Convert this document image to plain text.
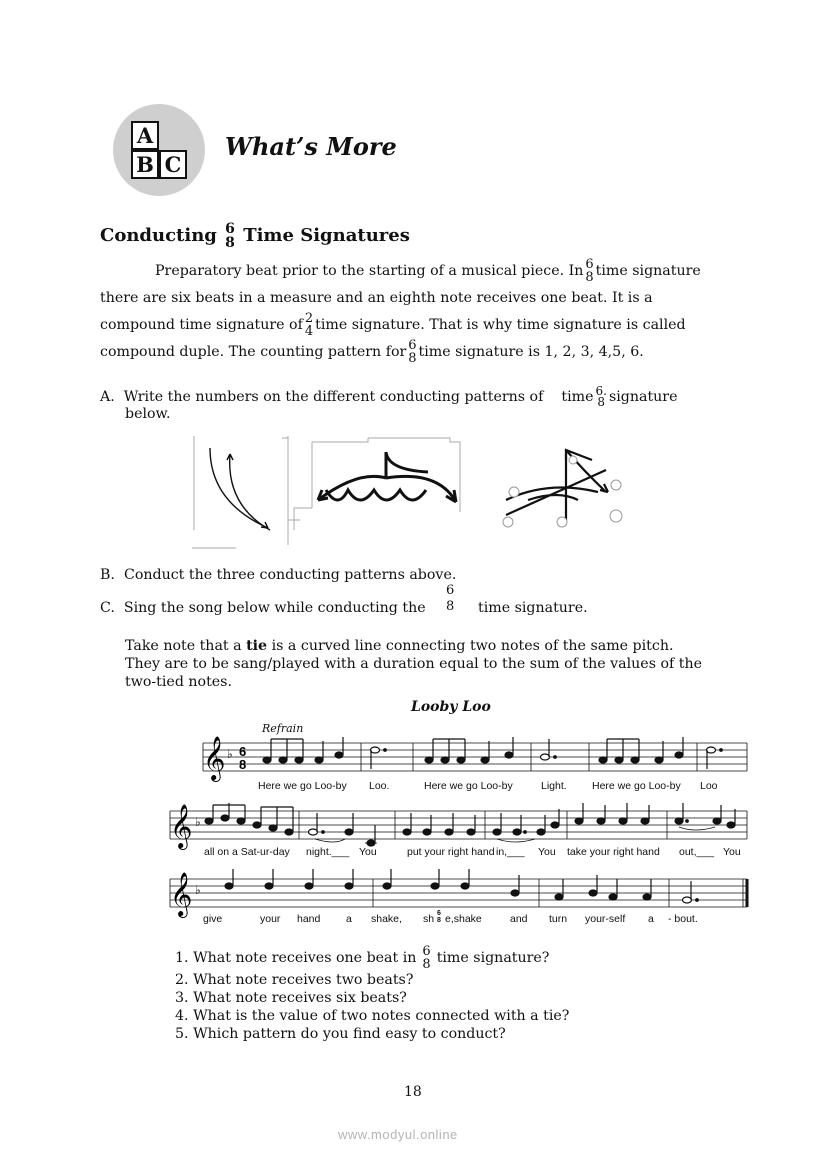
A
B C
What’s More
Conducting 6
8 Time Signatures
Preparatory beat prior to the starting of a musical piece. In 6
8 time signature
there are six beats in a measure and an eighth note receives one beat. It is a
compound time signature of 2
4 time signature. That is why time signature is called
compound duple. The counting pattern for 6
8 time signature is 1, 2, 3, 4,5, 6.
A. Write the numbers on the different conducting patterns of time 6.
8 signature
below.
B. Conduct the three conducting patterns above.
C. Sing the song below while conducting the
6
8 time signature.
Take note that a tie is a curved line connecting two notes of the same pitch.
They are to be sang/played with a duration equal to the sum of the values of the
two-tied notes.
Looby Loo
Refrain
𝄞 ♭ 6
8
𝄞 ♭
𝄞 ♭
Here we go Loo-by Loo.	Here we go Loo-by	Light. Here we go Loo-by Loo
all on a Sat-ur-day night.___ You	put your right hand in,___ You take your right hand out,___ You
give	your hand a shake, sh 6
8 e,shake	and turn your-self a - bout.
1. What note receives one beat in 6
8 time signature?
2. What note receives two beats?
3. What note receives six beats?
4. What is the value of two notes connected with a tie?
5. Which pattern do you find easy to conduct?
18
www.modyul.online
